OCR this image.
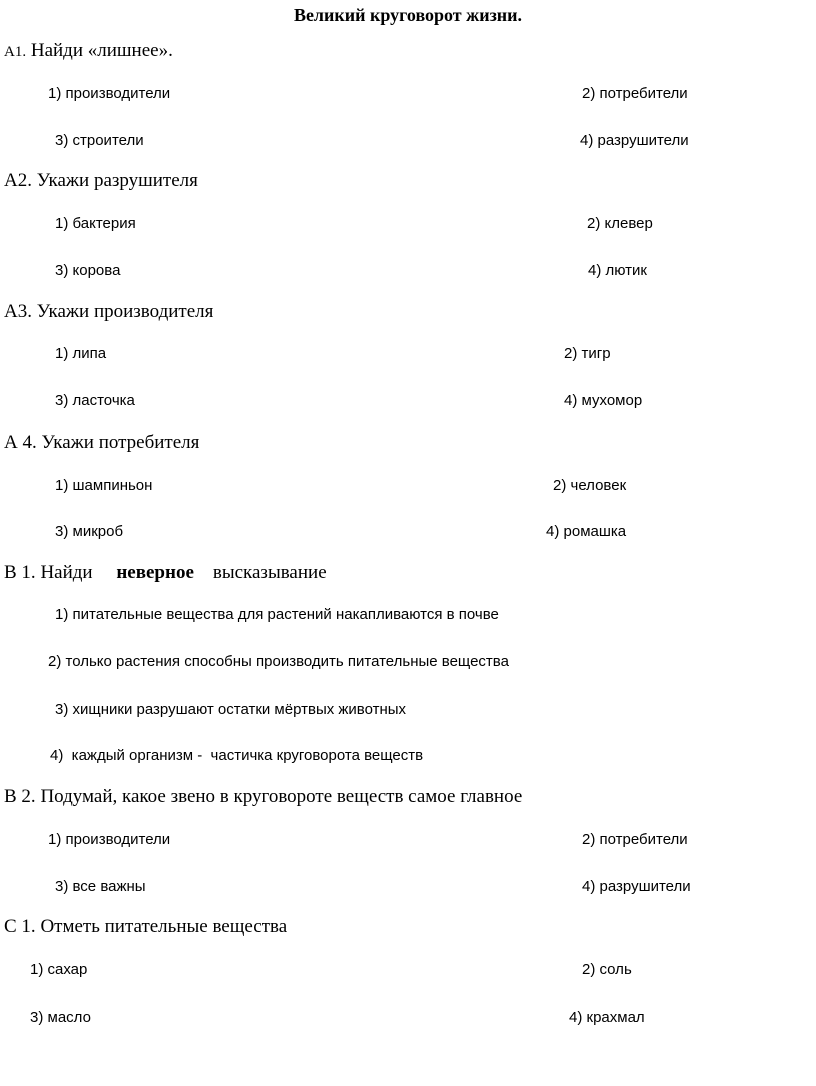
Великий круговорот жизни.
А1. Найди «лишнее».
1) производители	2) потребители
3) строители	4) разрушители
А2. Укажи разрушителя
1) бактерия	2) клевер
3) корова	4) лютик
А3. Укажи производителя
1) липа	2) тигр
3) ласточка	4) мухомор
А 4. Укажи потребителя
1) шампиньон	2) человек
3) микроб	4) ромашка
В 1. Найди неверное высказывание
1) питательные вещества для растений накапливаются в почве
2) только растения способны производить питательные вещества
3) хищники разрушают остатки мёртвых животных
4)  каждый организм -  частичка круговорота веществ
В 2. Подумай, какое звено в круговороте веществ самое главное
1) производители	2) потребители
3) все важны	4) разрушители
С 1. Отметь питательные вещества
1) сахар	2) соль
3) масло	4) крахмал
